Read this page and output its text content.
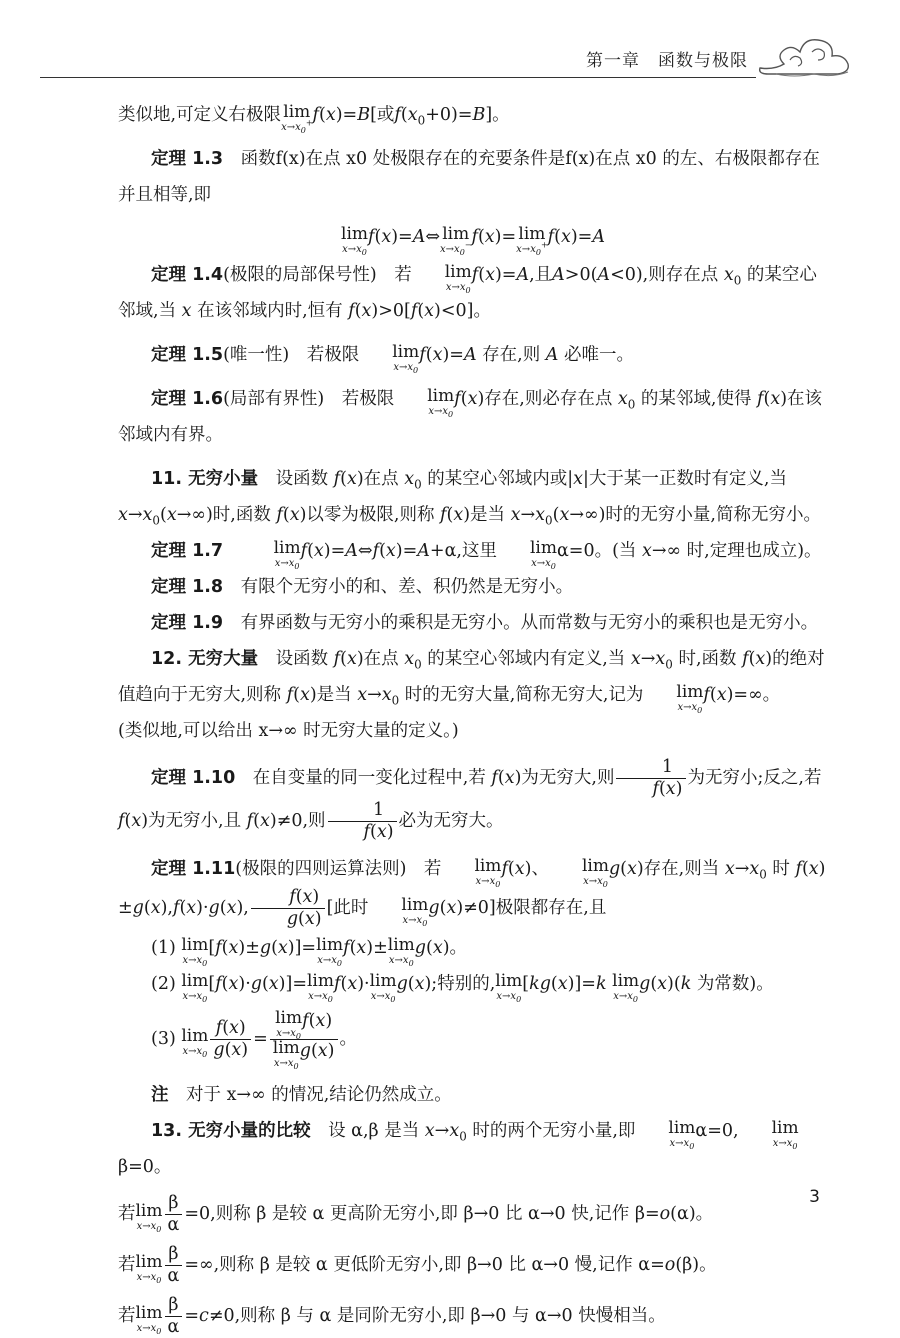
第一章 函数与极限

类似地,可定义右极限 lim
$x\to x_0^+$ f(x)=B[或$f(x_0+0)=B$]。

定理 1.3　 函数f(x)在点 x0 处极限存在的充要条件是f(x)在点 x0 的左、右极限都存在并且相等,即

lim
$x\to x_0$
f(x)=A⇔ lim
$x\to x_0^-$ f(x)= lim
$x\to x_0^+$ f(x)=A

定理 1.4(极限的局部保号性)　若	lim
$x\to x_0$
f(x)=A,且A>0(A<0),则存在点 $x_0$ 的某空心邻域,当 x 在该邻域内时,恒有 f(x)>0[f(x)<0]。

定理 1.5(唯一性)　若极限	lim
$x\to x_0$
f(x)=A 存在,则 A 必唯一。

定理 1.6(局部有界性)　若极限	lim
$x\to x_0$
f(x)存在,则必存在点 $x_0$ 的某邻域,使得 f(x)在该邻域内有界。

11. 无穷小量　设函数 f(x)在点 $x_0$ 的某空心邻域内或|x|大于某一正数时有定义,当 $x\to x_0(x\to\infty)$时,函数 f(x)以零为极限,则称 f(x)是当 $x\to x_0(x\to\infty)$时的无穷小量,简称无穷小。

定理 1.7　	lim
$x\to x_0$
f(x)=A⇔f(x)=A+α,这里	lim
$x\to x_0$
α=0。(当 x→∞ 时,定理也成立)。

定理 1.8　 有限个无穷小的和、差、积仍然是无穷小。

定理 1.9　 有界函数与无穷小的乘积是无穷小。从而常数与无穷小的乘积也是无穷小。

12. 无穷大量　设函数 f(x)在点 $x_0$ 的某空心邻域内有定义,当 $x\to x_0$ 时,函数 f(x)的绝对值趋向于无穷大,则称 f(x)是当 $x\to x_0$ 时的无穷大量,简称无穷大,记为	lim
$x\to x_0$
f(x)=∞。

(类似地,可以给出 x→∞ 时无穷大量的定义。)

定理 1.10　在自变量的同一变化过程中,若 f(x)为无穷大,则 $\frac{1}{f(x)}$ 为无穷小;反之,若 f(x)为无穷小,且 f(x)≠0,则 $\frac{1}{f(x)}$ 必为无穷大。

定理 1.11(极限的四则运算法则)　若	lim
$x\to x_0$
f(x)、	lim
$x\to x_0$
g(x)存在,则当 $x\to x_0$ 时 f(x)±g(x),f(x)·g(x), $\frac{f(x)}{g(x)}$ [此时	lim
$x\to x_0$
g(x)≠0]极限都存在,且

(1) lim
$x\to x_0$
[f(x)±g(x)]= lim
$x\to x_0$
f(x)± lim
$x\to x_0$
g(x)。

(2) lim
$x\to x_0$
[f(x)·g(x)]= lim
$x\to x_0$
f(x)· lim
$x\to x_0$
g(x);特别的, lim
$x\to x_0$
[kg(x)]=k lim
$x\to x_0$
g(x)(k 为常数)。

(3) lim
$x\to x_0 \frac{f(x)}{g(x)} = \lim$
$x\to x_0$
f(x)
lim
$x\to x_0$
g(x) 。

注　 对于 x→∞ 的情况,结论仍然成立。

13. 无穷小量的比较　设 α,β 是当 $x\to x_0$ 时的两个无穷小量,即	lim
$x\to x_0$
α=0,	lim
$x\to x_0$
β=0。

若 lim
$x\to x_0 \frac{\beta}{\alpha} =0$,则称 β 是较 α 更高阶无穷小,即 β→0 比 α→0 快,记作 β=o(α)。

若 lim
$x\to x_0 \frac{\beta}{\alpha}$ =∞,则称 β 是较 α 更低阶无穷小,即 β→0 比 α→0 慢,记作 α=o(β)。

若 lim
$x\to x_0 \frac{\beta}{\alpha} =c\ne 0$,则称 β 与 α 是同阶无穷小,即 β→0 与 α→0 快慢相当。

3
